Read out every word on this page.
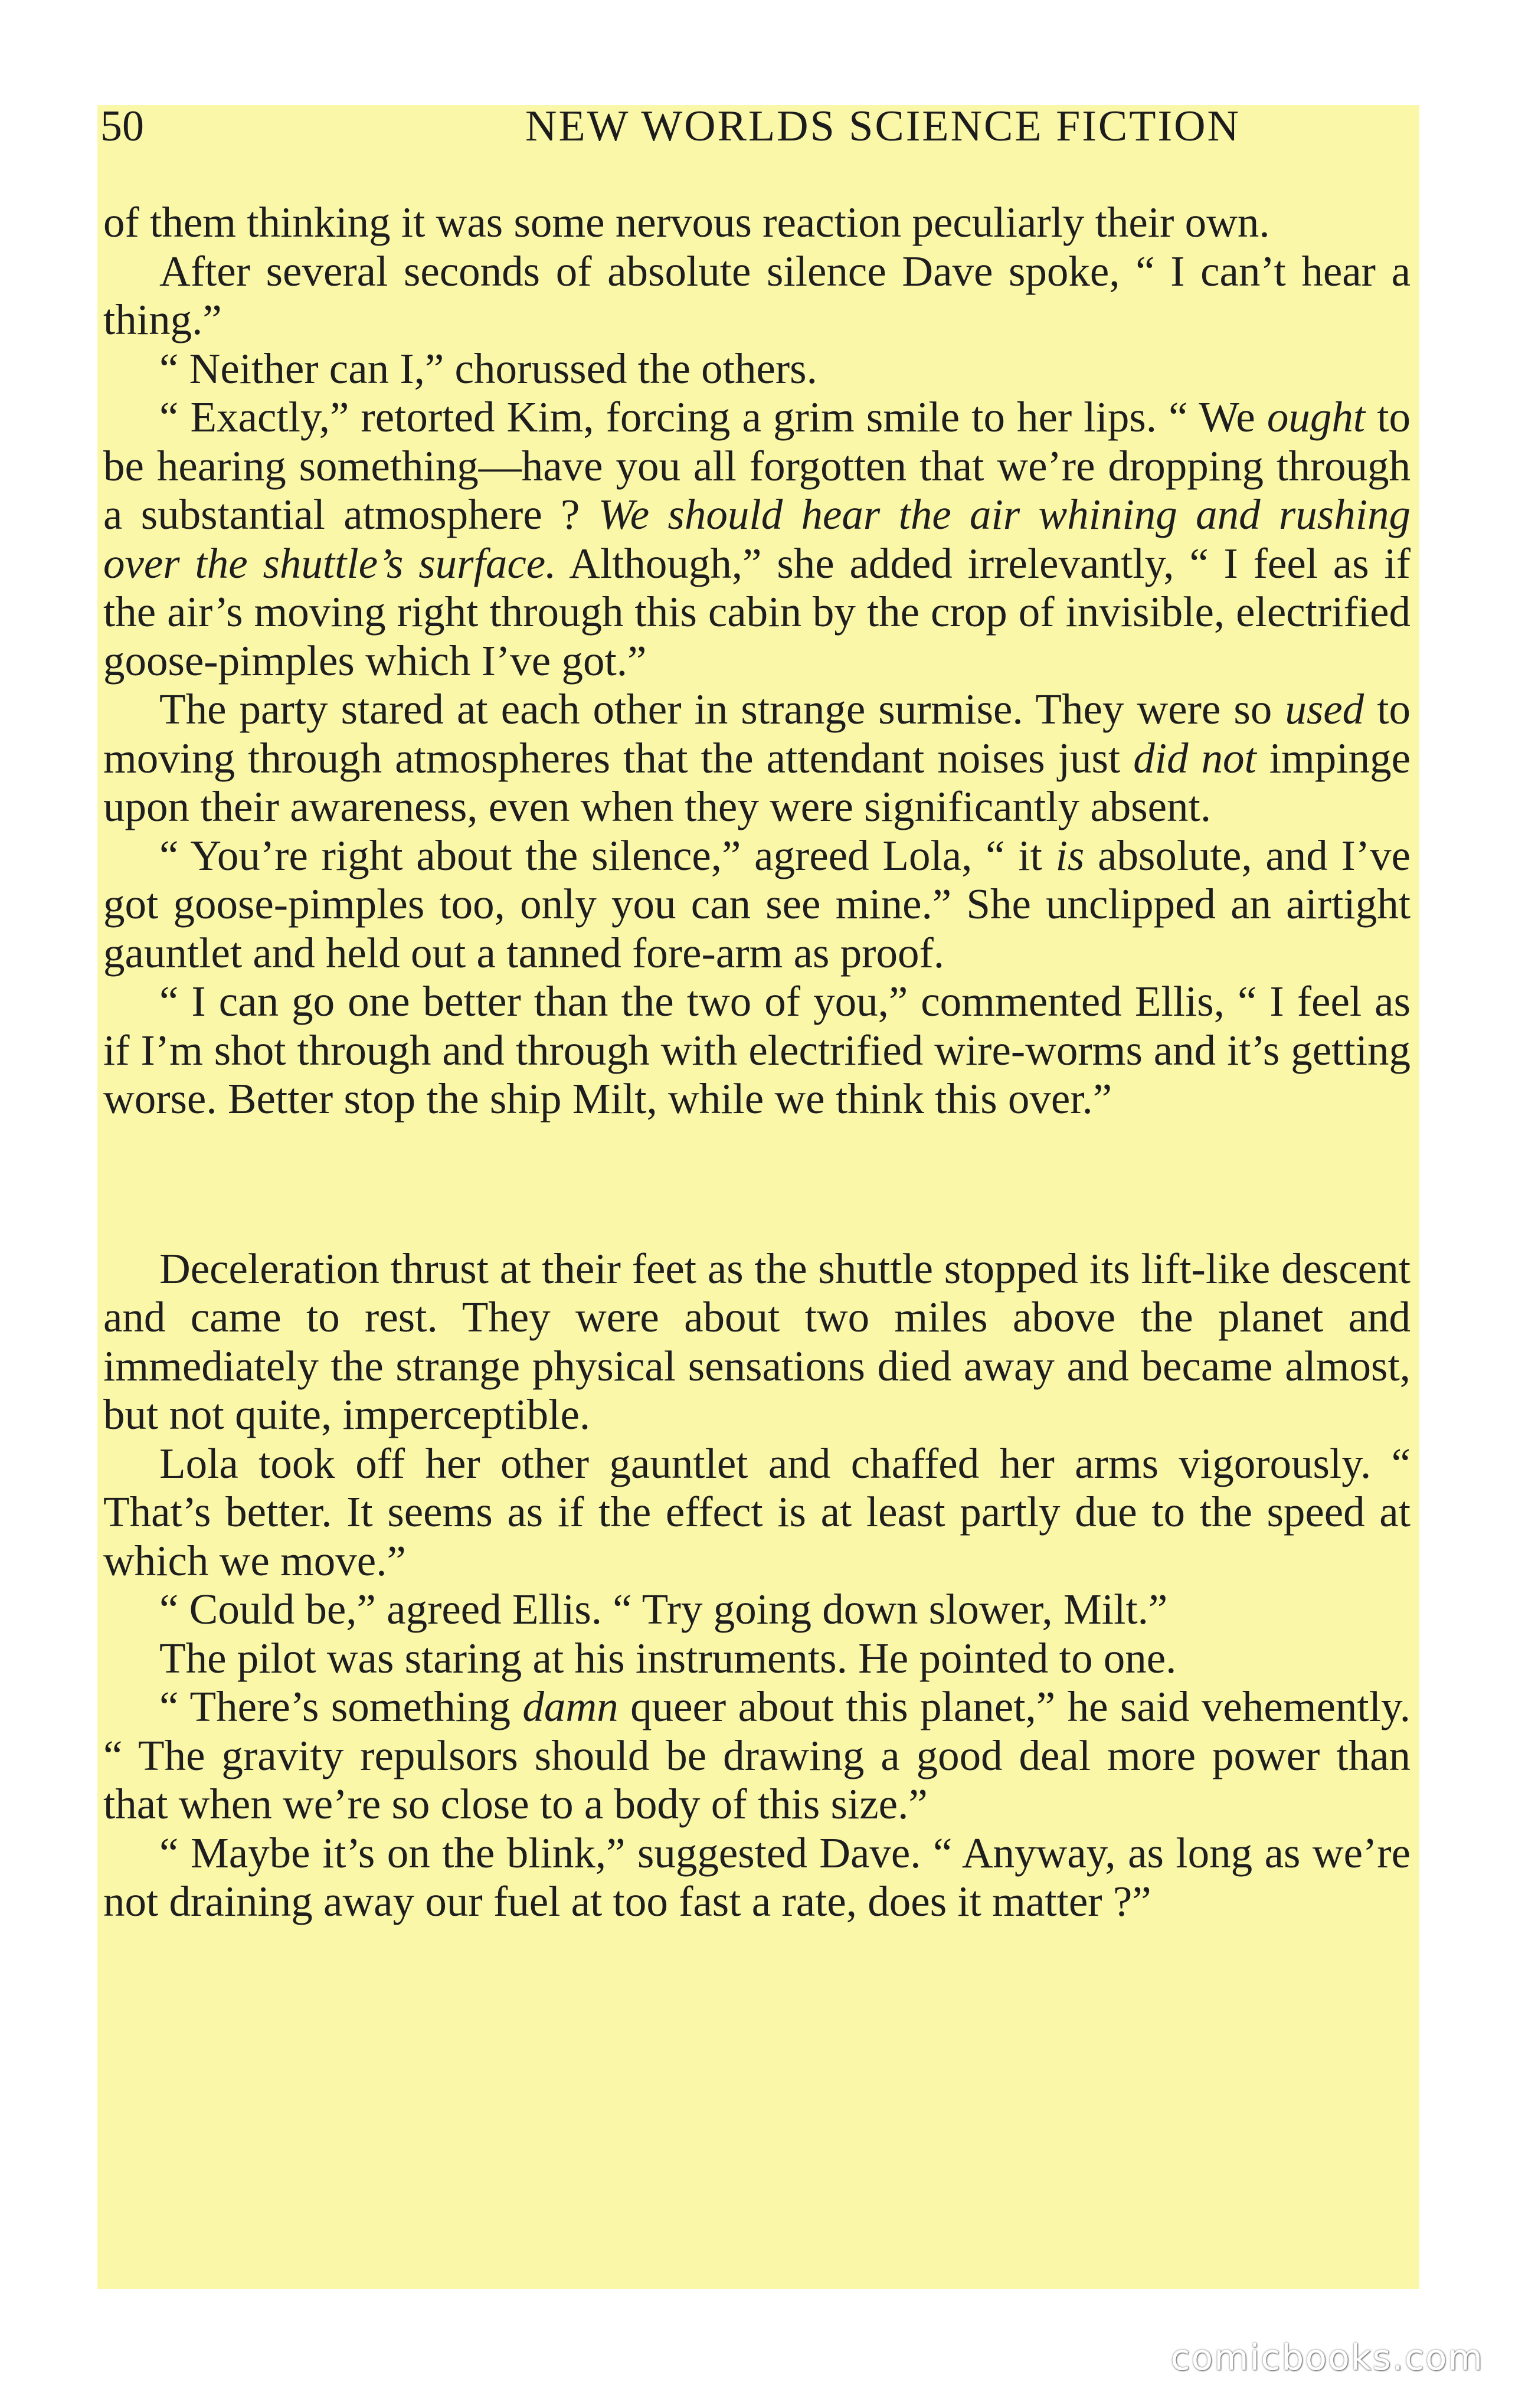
50	NEW WORLDS SCIENCE FICTION

of them thinking it was some nervous reaction peculiarly their own.

After several seconds of absolute silence Dave spoke, “ I can’t hear a thing.”

“ Neither can I,” chorussed the others.

“ Exactly,” retorted Kim, forcing a grim smile to her lips. “ We ought to be hearing something—have you all forgotten that we’re dropping through a substantial atmosphere ? We should hear the air whining and rushing over the shuttle’s surface. Although,” she added irrelevantly, “ I feel as if the air’s moving right through this cabin by the crop of invisible, electrified goose-pimples which I’ve got.”

The party stared at each other in strange surmise. They were so used to moving through atmospheres that the attendant noises just did not impinge upon their awareness, even when they were significantly absent.

“ You’re right about the silence,” agreed Lola, “ it is absolute, and I’ve got goose-pimples too, only you can see mine.” She unclipped an airtight gauntlet and held out a tanned fore-arm as proof.

“ I can go one better than the two of you,” commented Ellis, “ I feel as if I’m shot through and through with electrified wire-worms and it’s getting worse. Better stop the ship Milt, while we think this over.”

Deceleration thrust at their feet as the shuttle stopped its lift-like descent and came to rest. They were about two miles above the planet and immediately the strange physical sensations died away and became almost, but not quite, imperceptible.

Lola took off her other gauntlet and chaffed her arms vigorously. “ That’s better. It seems as if the effect is at least partly due to the speed at which we move.”

“ Could be,” agreed Ellis. “ Try going down slower, Milt.”

The pilot was staring at his instruments. He pointed to one.

“ There’s something damn queer about this planet,” he said vehemently. “ The gravity repulsors should be drawing a good deal more power than that when we’re so close to a body of this size.”

“ Maybe it’s on the blink,” suggested Dave. “ Anyway, as long as we’re not draining away our fuel at too fast a rate, does it matter ?”

comicbooks.com
